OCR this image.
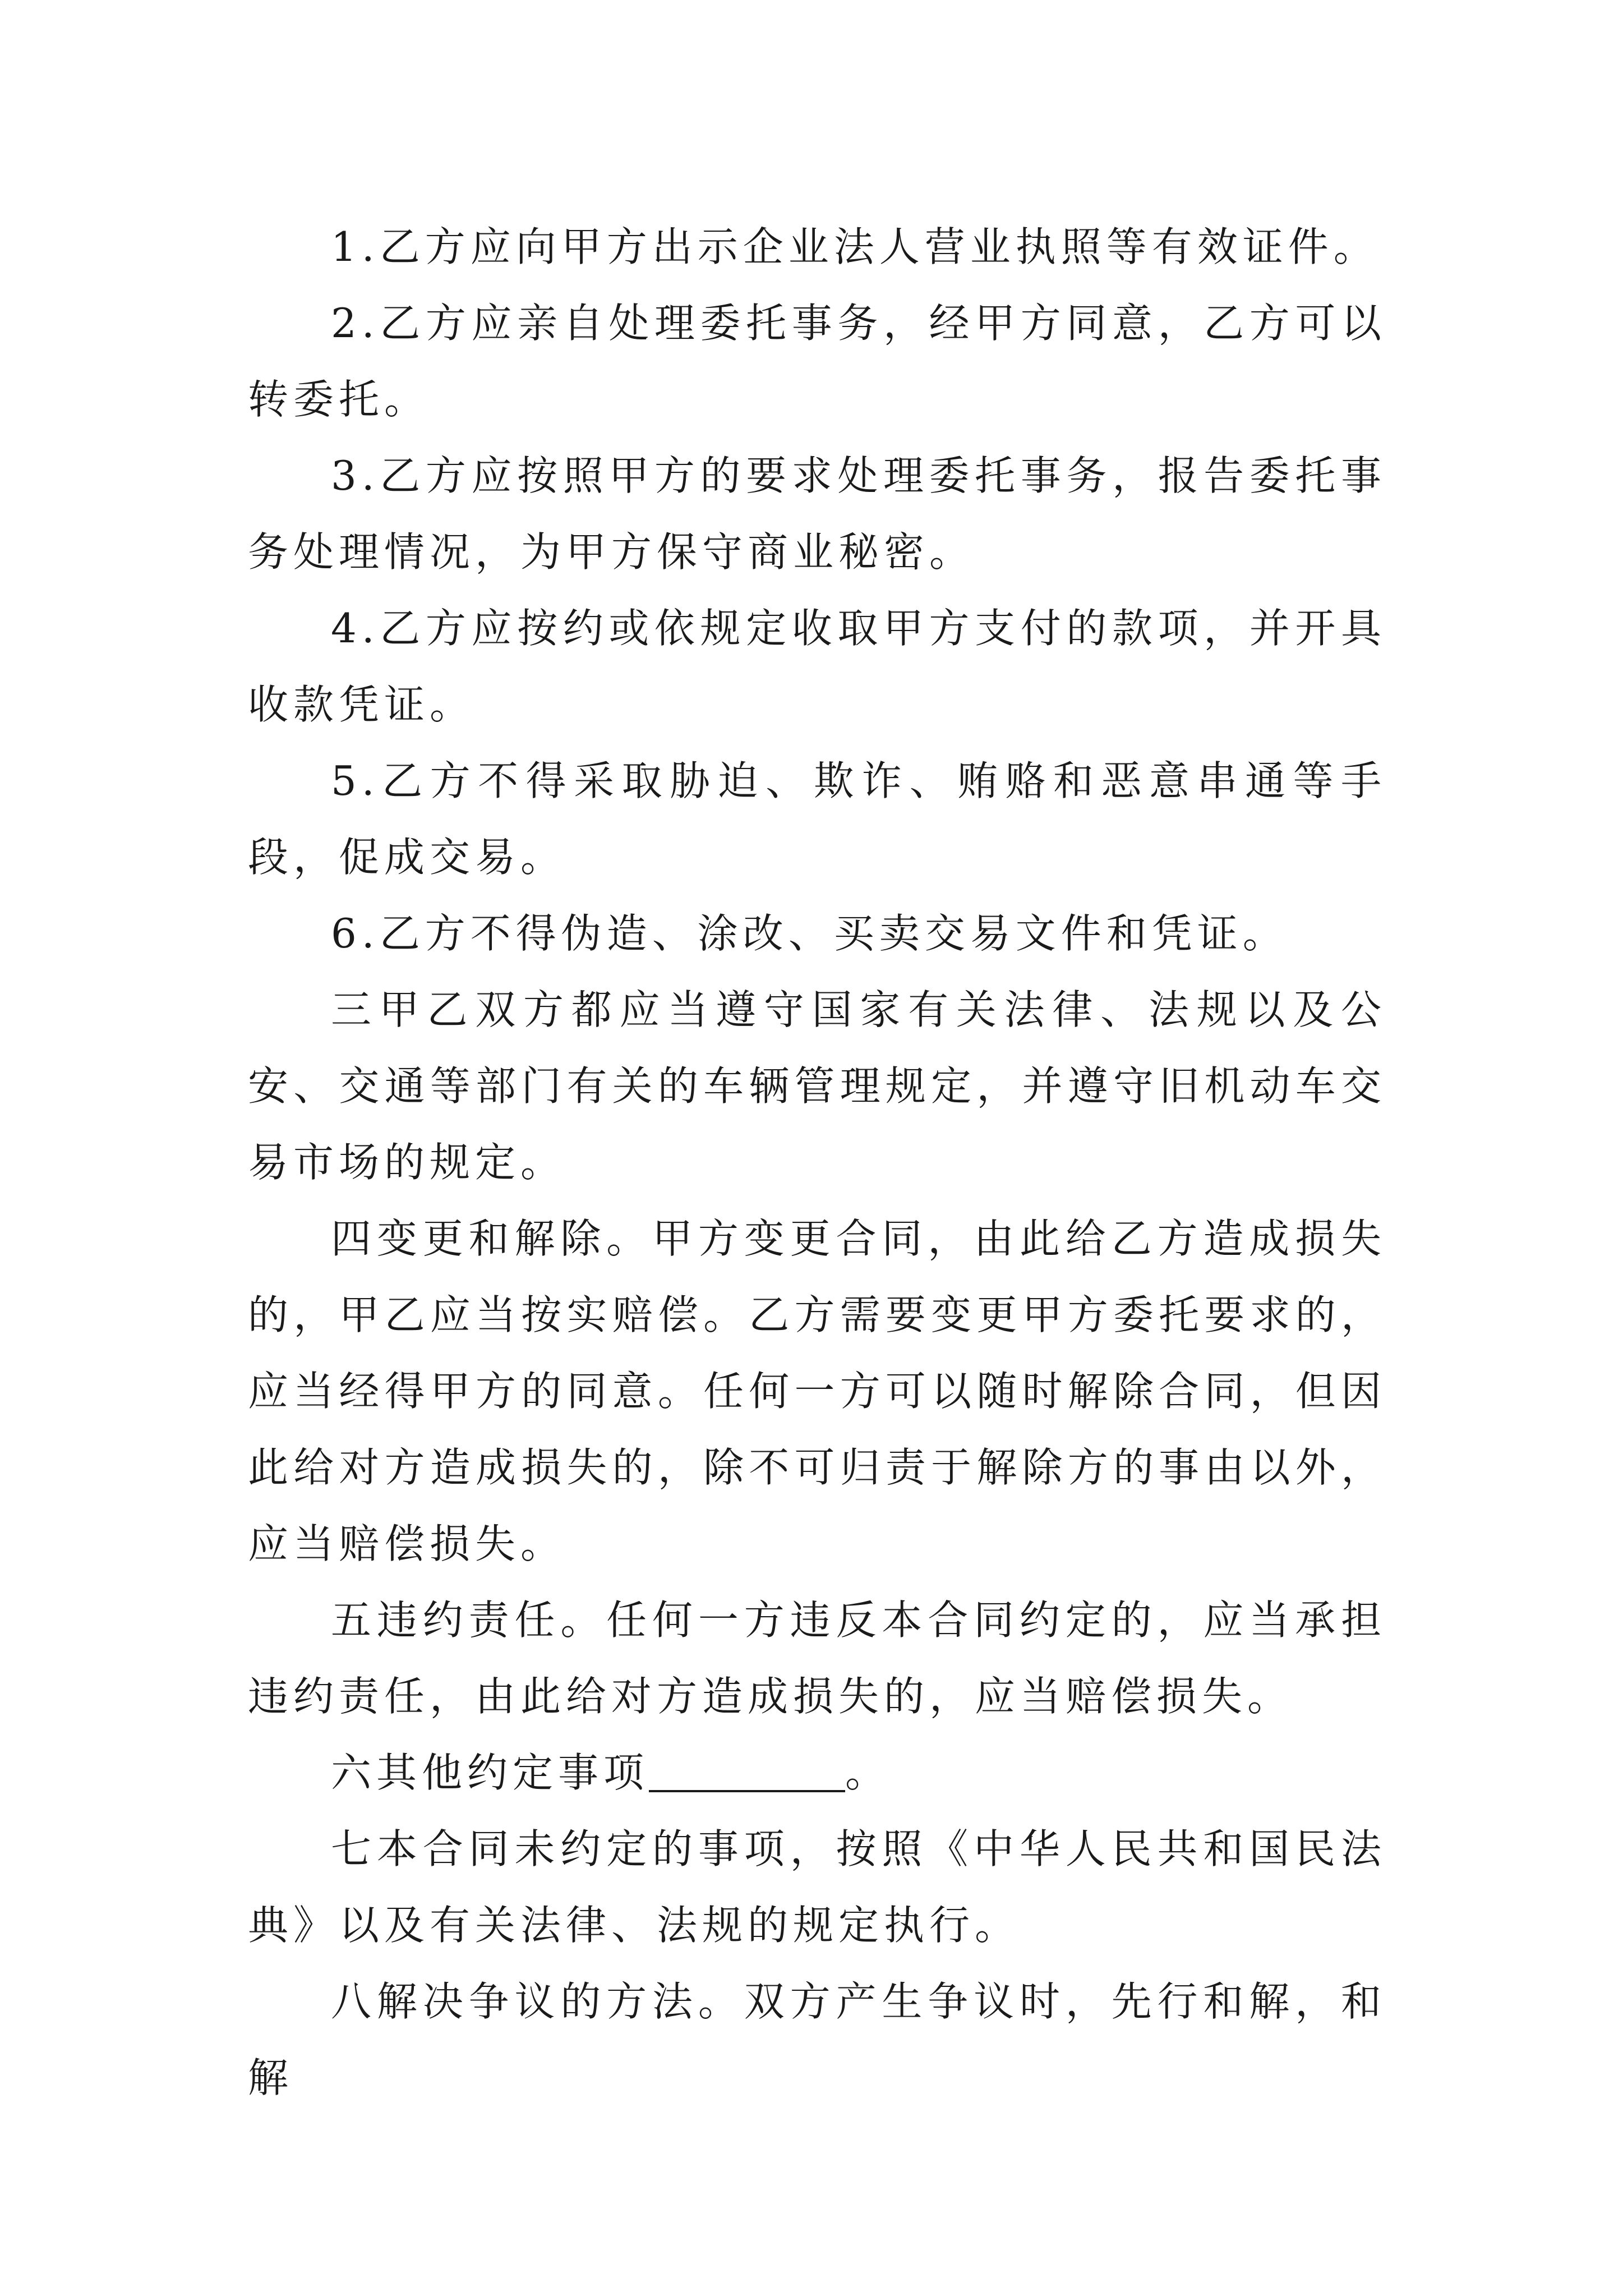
1.乙方应向甲方出示企业法人营业执照等有效证件。

2.乙方应亲自处理委托事务，经甲方同意，乙方可以转委托。

3.乙方应按照甲方的要求处理委托事务，报告委托事务处理情况，为甲方保守商业秘密。

4.乙方应按约或依规定收取甲方支付的款项，并开具收款凭证。

5.乙方不得采取胁迫、欺诈、贿赂和恶意串通等手段，促成交易。

6.乙方不得伪造、涂改、买卖交易文件和凭证。

三甲乙双方都应当遵守国家有关法律、法规以及公安、交通等部门有关的车辆管理规定，并遵守旧机动车交易市场的规定。

四变更和解除。甲方变更合同，由此给乙方造成损失的，甲乙应当按实赔偿。乙方需要变更甲方委托要求的，应当经得甲方的同意。任何一方可以随时解除合同，但因此给对方造成损失的，除不可归责于解除方的事由以外，应当赔偿损失。

五违约责任。任何一方违反本合同约定的，应当承担违约责任，由此给对方造成损失的，应当赔偿损失。

六其他约定事项	。

七本合同未约定的事项，按照《中华人民共和国民法典》以及有关法律、法规的规定执行。

八解决争议的方法。双方产生争议时，先行和解，和解
